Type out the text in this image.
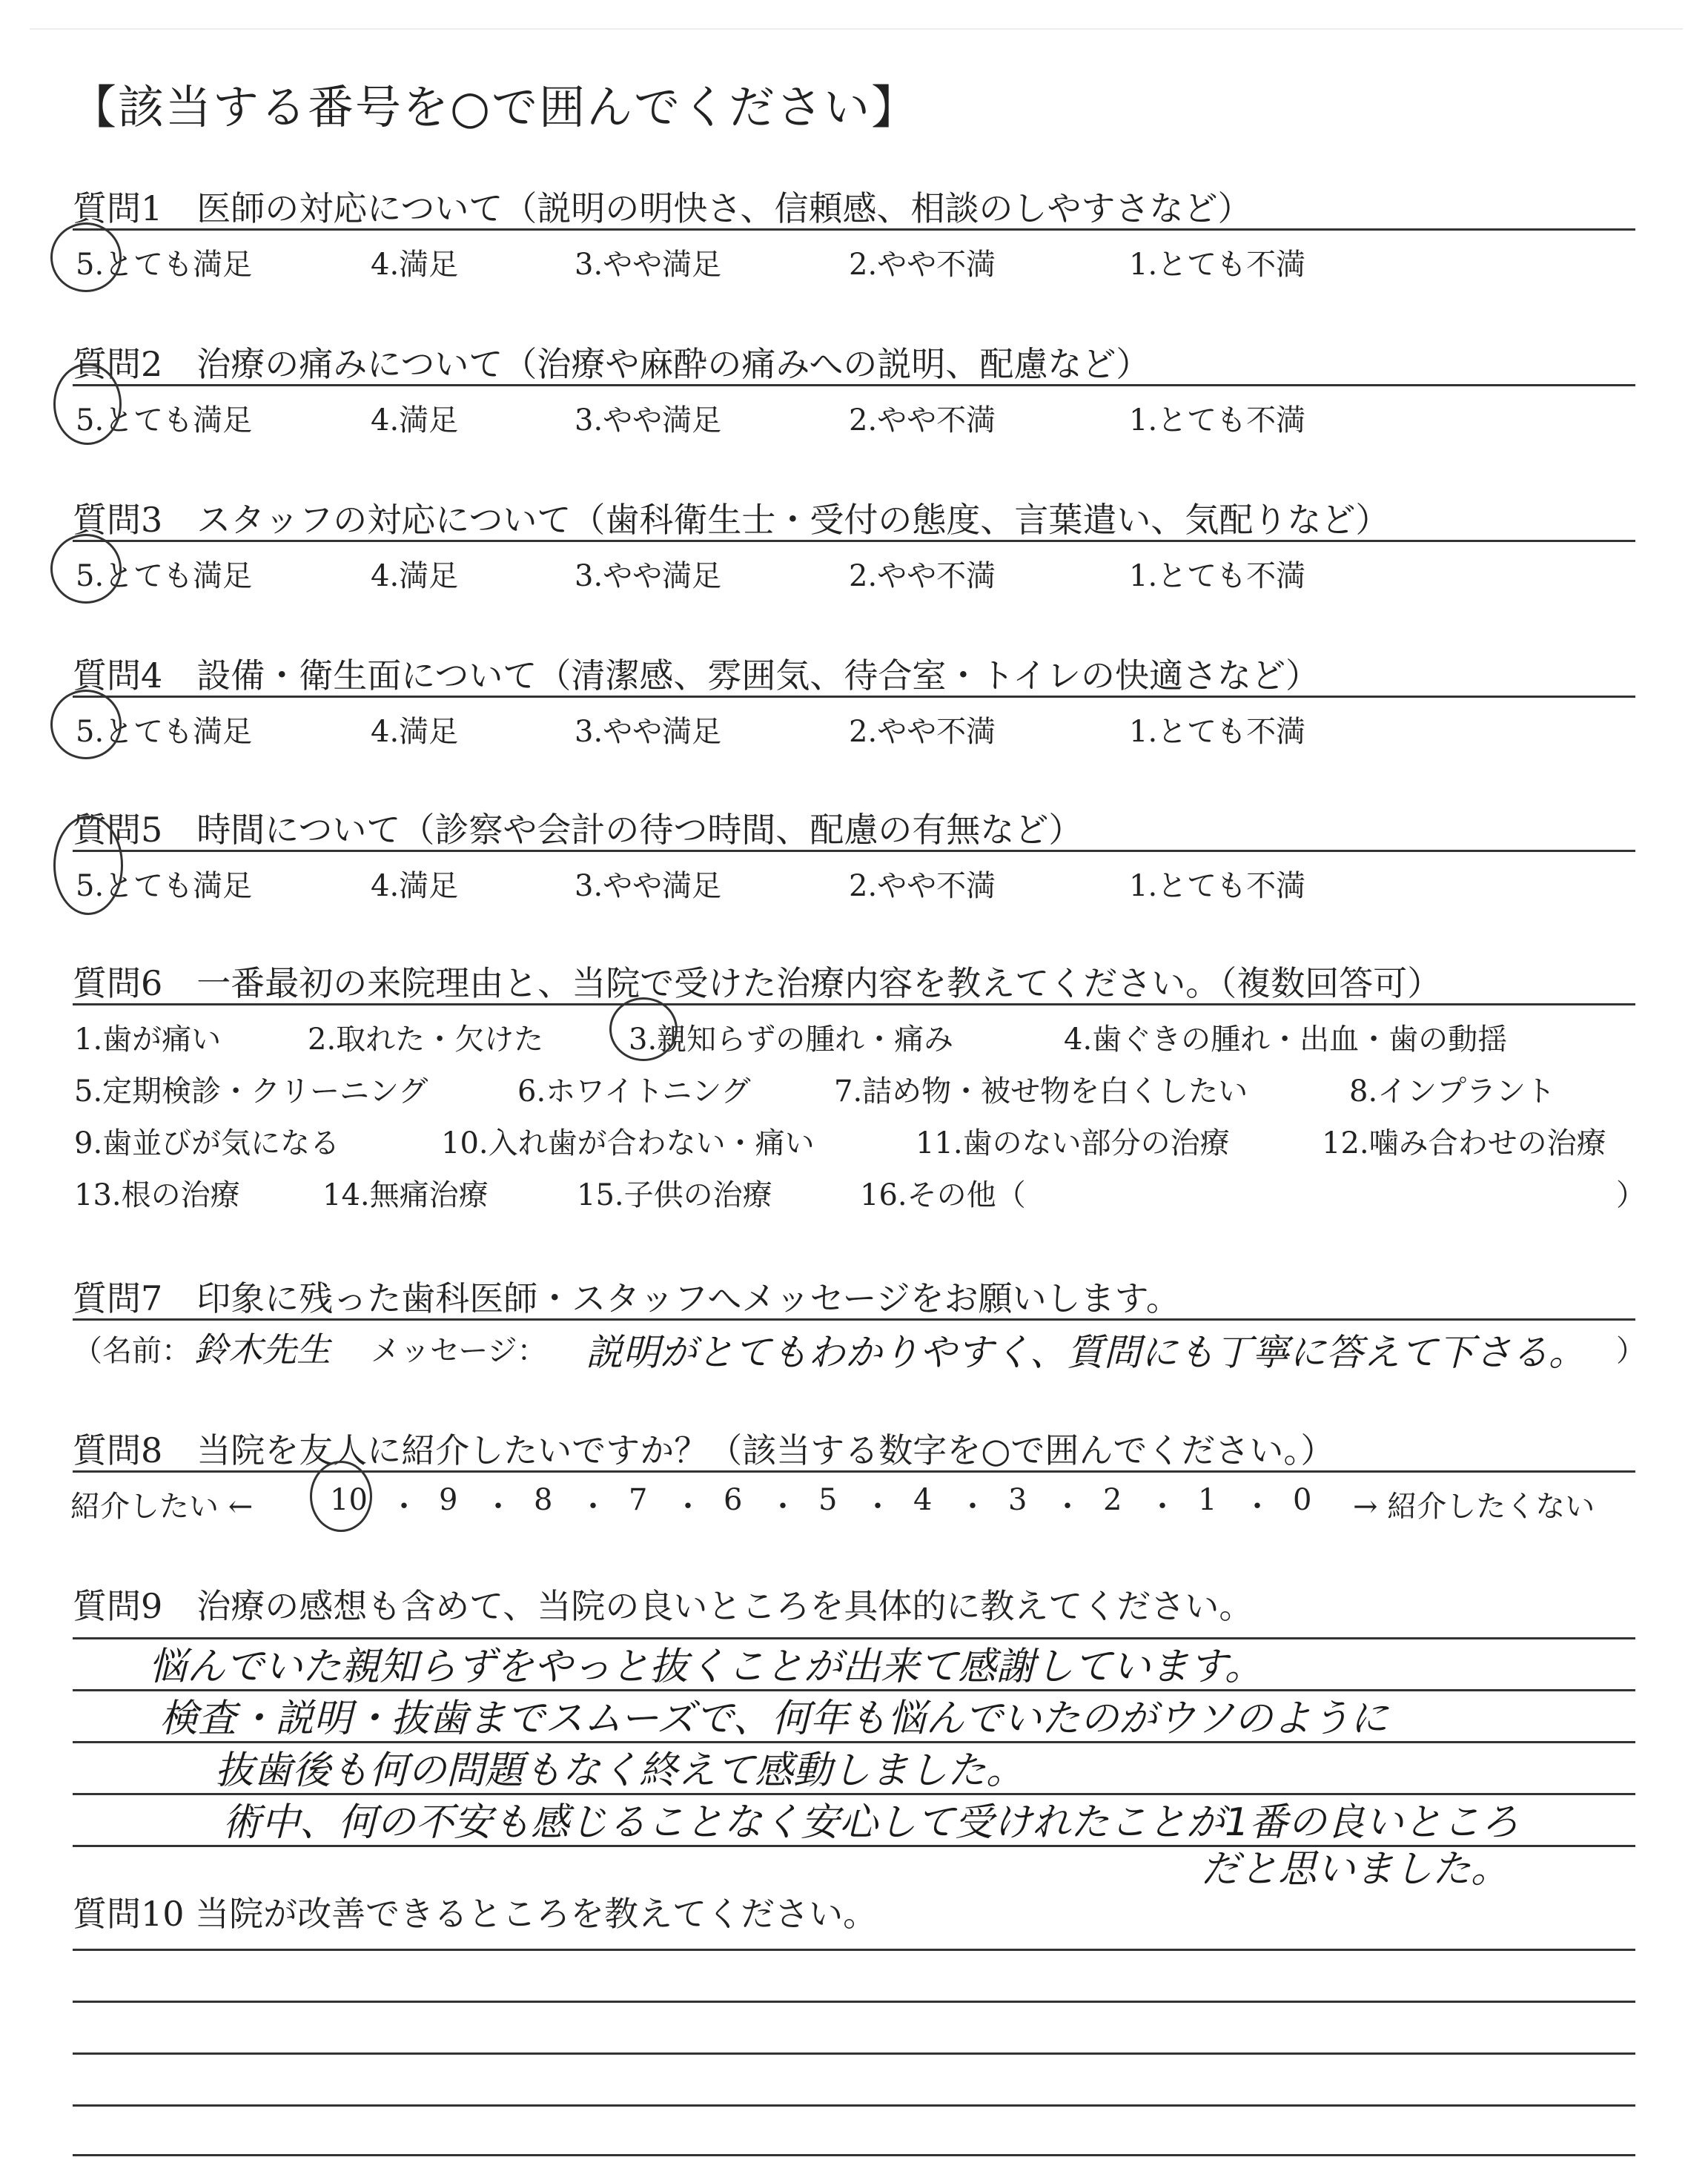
【該当する番号を○で囲んでください】
質問1　医師の対応について（説明の明快さ、信頼感、相談のしやすさなど）
5.とても満足	4.満足	3.やや満足	2.やや不満	1.とても不満
質問2　治療の痛みについて（治療や麻酔の痛みへの説明、配慮など）
5.とても満足	4.満足	3.やや満足	2.やや不満	1.とても不満
質問3　スタッフの対応について（歯科衛生士・受付の態度、言葉遣い、気配りなど）
5.とても満足	4.満足	3.やや満足	2.やや不満	1.とても不満
質問4　設備・衛生面について（清潔感、雰囲気、待合室・トイレの快適さなど）
5.とても満足	4.満足	3.やや満足	2.やや不満	1.とても不満
質問5　時間について（診察や会計の待つ時間、配慮の有無など）
5.とても満足	4.満足	3.やや満足	2.やや不満	1.とても不満
質問6　一番最初の来院理由と、当院で受けた治療内容を教えてください。（複数回答可）
1.歯が痛い	2.取れた・欠けた	3.親知らずの腫れ・痛み	4.歯ぐきの腫れ・出血・歯の動揺
5.定期検診・クリーニング	6.ホワイトニング	7.詰め物・被せ物を白くしたい	8.インプラント
9.歯並びが気になる	10.入れ歯が合わない・痛い	11.歯のない部分の治療	12.噛み合わせの治療
13.根の治療	14.無痛治療	15.子供の治療	16.その他（	）
質問7　印象に残った歯科医師・スタッフへメッセージをお願いします。
（名前： 鈴木先生 メッセージ： 説明がとてもわかりやすく、質問にも丁寧に答えて下さる。 ）
質問8　当院を友人に紹介したいですか？（該当する数字を○で囲んでください。）
紹介したい ←	10 ・ 9 ・ 8 ・ 7 ・ 6 ・ 5 ・ 4 ・ 3 ・ 2 ・ 1 ・ 0 → 紹介したくない
質問9　治療の感想も含めて、当院の良いところを具体的に教えてください。
悩んでいた親知らずをやっと抜くことが出来て感謝しています。
検査・説明・抜歯までスムーズで、何年も悩んでいたのがウソのように
抜歯後も何の問題もなく終えて感動しました。
術中、何の不安も感じることなく安心して受けれたことが1番の良いところ
だと思いました。
質問10 当院が改善できるところを教えてください。
